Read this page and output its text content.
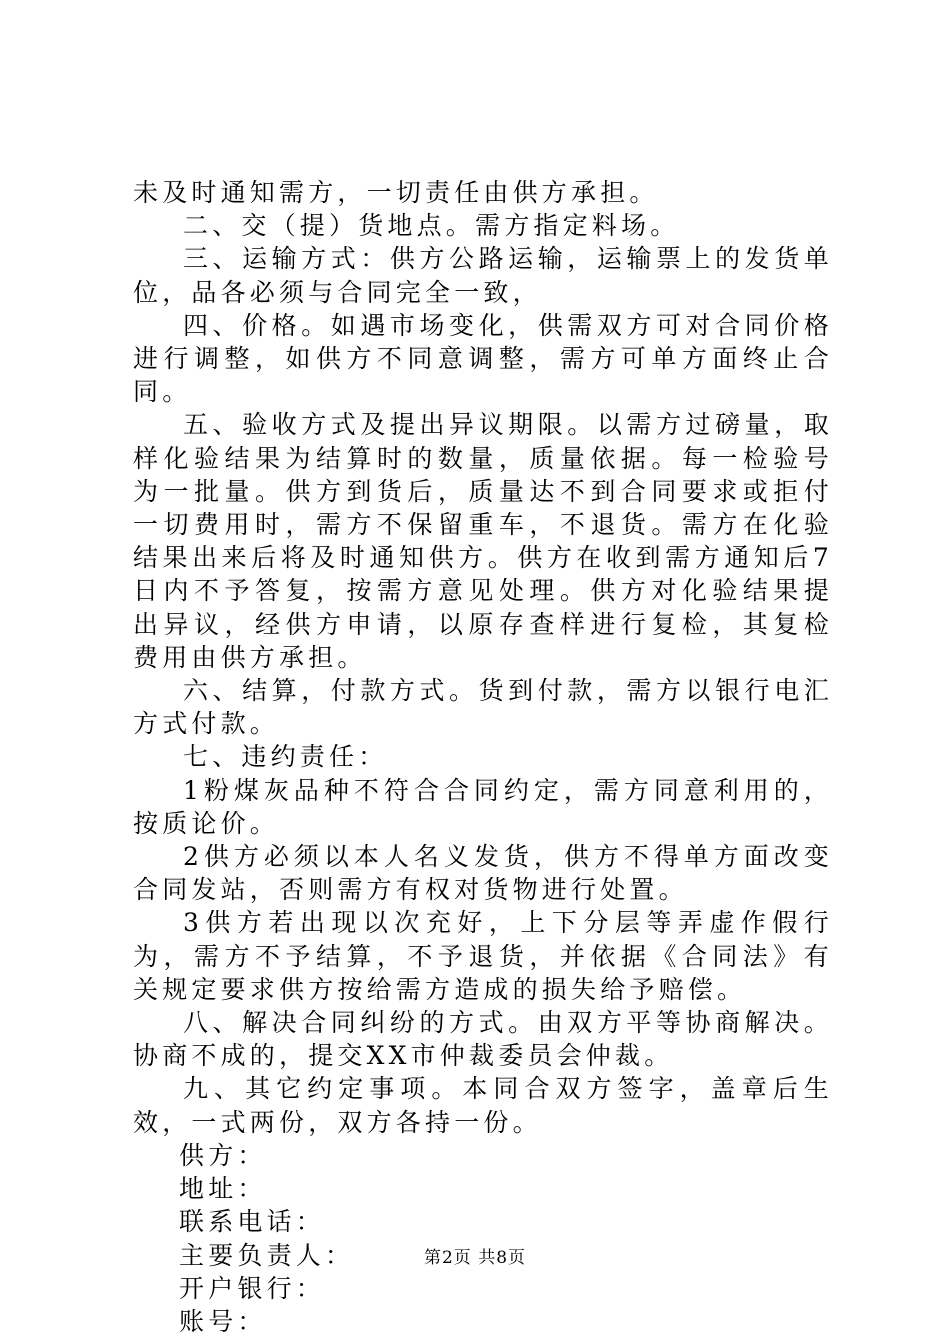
未及时通知需方，一切责任由供方承担。

二、交（提）货地点。需方指定料场。

三、运输方式：供方公路运输，运输票上的发货单位，品各必须与合同完全一致，

四、价格。如遇市场变化，供需双方可对合同价格进行调整，如供方不同意调整，需方可单方面终止合同。

五、验收方式及提出异议期限。以需方过磅量，取样化验结果为结算时的数量，质量依据。每一检验号为一批量。供方到货后，质量达不到合同要求或拒付一切费用时，需方不保留重车，不退货。需方在化验结果出来后将及时通知供方。供方在收到需方通知后7日内不予答复，按需方意见处理。供方对化验结果提出异议，经供方申请，以原存查样进行复检，其复检费用由供方承担。

六、结算，付款方式。货到付款，需方以银行电汇方式付款。

七、违约责任：

1粉煤灰品种不符合合同约定，需方同意利用的，按质论价。

2供方必须以本人名义发货，供方不得单方面改变合同发站，否则需方有权对货物进行处置。

3供方若出现以次充好，上下分层等弄虚作假行为，需方不予结算，不予退货，并依据《合同法》有关规定要求供方按给需方造成的损失给予赔偿。

八、解决合同纠纷的方式。由双方平等协商解决。协商不成的，提交XX市仲裁委员会仲裁。

九、其它约定事项。本同合双方签字，盖章后生效，一式两份，双方各持一份。

供方：

地址：

联系电话：

主要负责人：

开户银行：

账号：

第2页 共8页
